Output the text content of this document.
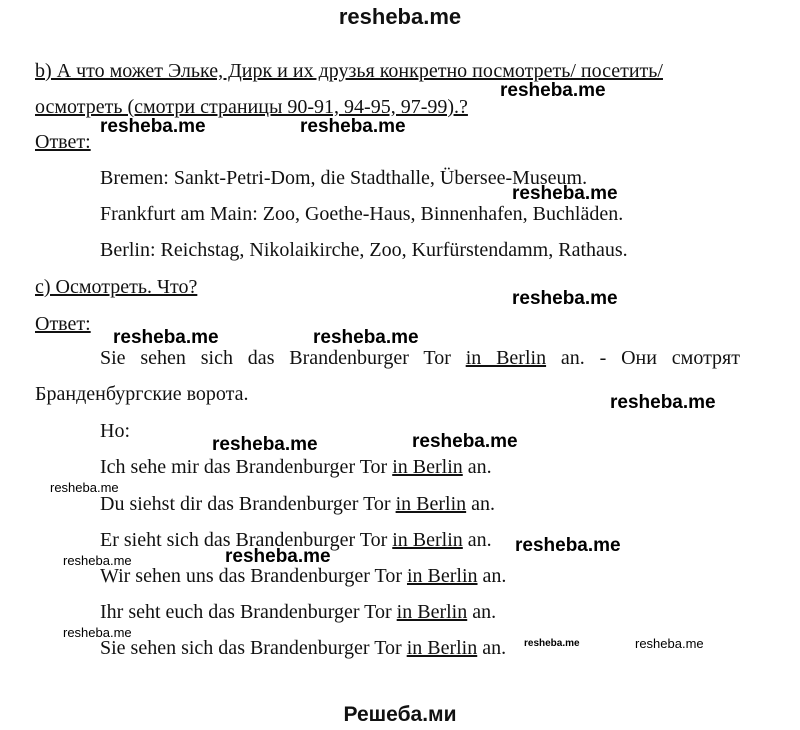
resheba.me
b) А что может Эльке, Дирк и их друзья конкретно посмотреть/ посетить/
осмотреть (смотри страницы 90-91, 94-95, 97-99).?
Ответ:
Bremen: Sankt-Petri-Dom, die Stadthalle, Übersee-Museum.
Frankfurt am Main: Zoo, Goethe-Haus, Binnenhafen, Buchläden.
Berlin: Reichstag, Nikolaikirche, Zoo, Kurfürstendamm, Rathaus.
c) Осмотреть. Что?
Ответ:
Sie sehen sich das Brandenburger Tor in Berlin an. - Они смотрят
Бранденбургские ворота.
Но:
Ich sehe mir das Brandenburger Tor in Berlin an.
Du siehst dir das Brandenburger Tor in Berlin an.
Er sieht sich das Brandenburger Tor in Berlin an.
Wir sehen uns das Brandenburger Tor in Berlin an.
Ihr seht euch das Brandenburger Tor in Berlin an.
Sie sehen sich das Brandenburger Tor in Berlin an.
resheba.me
resheba.me	resheba.me
resheba.me
resheba.me
resheba.me	resheba.me
resheba.me
resheba.me	resheba.me
resheba.me
resheba.me
resheba.me	resheba.me
resheba.me
resheba.me	resheba.me
Решеба.ми
